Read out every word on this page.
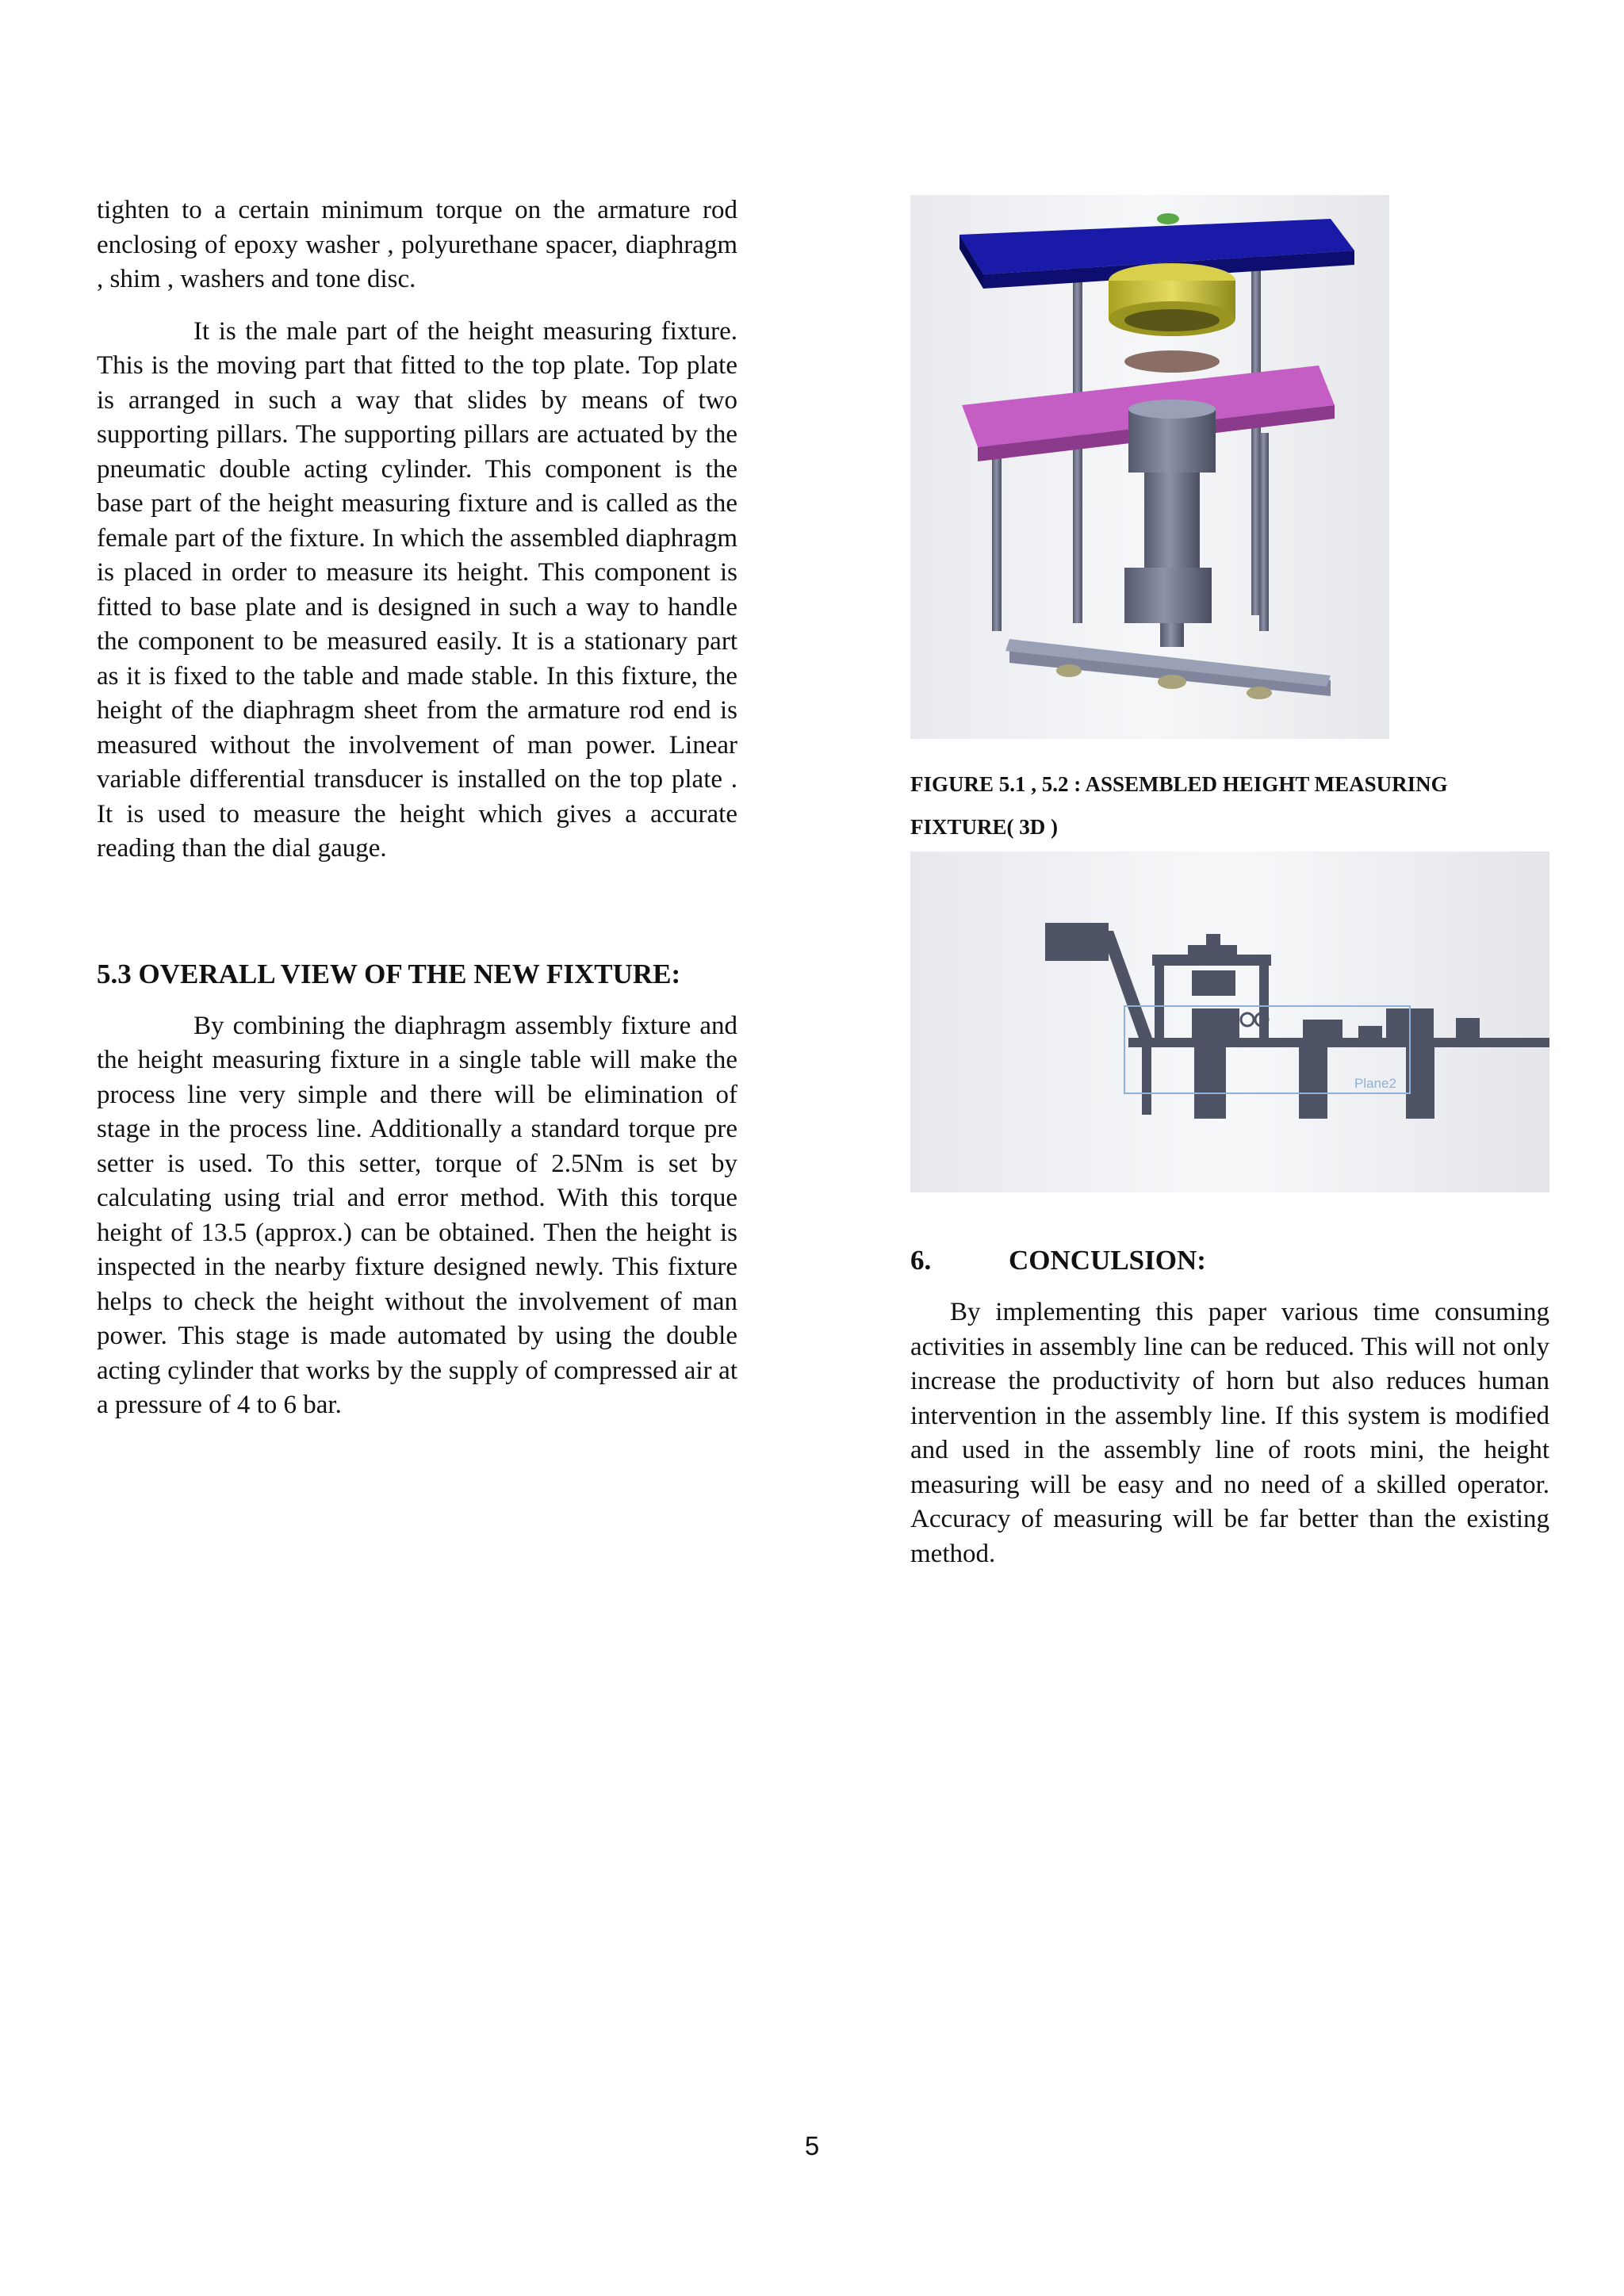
tighten to a certain minimum torque on the armature rod enclosing of epoxy washer , polyurethane spacer, diaphragm , shim , washers and tone disc.

It is the male part of the height measuring fixture. This is the moving part that fitted to the top plate. Top plate is arranged in such a way that slides by means of two supporting pillars. The supporting pillars are actuated by the pneumatic double acting cylinder. This component is the base part of the height measuring fixture and is called as the female part of the fixture. In which the assembled diaphragm is placed in order to measure its height. This component is fitted to base plate and is designed in such a way to handle the component to be measured easily. It is a stationary part as it is fixed to the table and made stable. In this fixture, the height of the diaphragm sheet from the armature rod end is measured without the involvement of man power. Linear variable differential transducer is installed on the top plate . It is used to measure the height which gives a accurate reading than the dial gauge.

5.3 OVERALL VIEW OF THE NEW FIXTURE:

By combining the diaphragm assembly fixture and the height measuring fixture in a single table will make the process line very simple and there will be elimination of stage in the process line. Additionally a standard torque pre setter is used. To this setter, torque of 2.5Nm is set by calculating using trial and error method. With this torque height of 13.5 (approx.) can be obtained. Then the height is inspected in the nearby fixture designed newly. This fixture helps to check the height without the involvement of man power. This stage is made automated by using the double acting cylinder that works by the supply of compressed air at a pressure of 4 to 6 bar.

FIGURE 5.1 , 5.2 : ASSEMBLED HEIGHT MEASURING

FIXTURE( 3D )

Plane2
6.	CONCULSION:

By implementing this paper various time consuming activities in assembly line can be reduced. This will not only increase the productivity of horn but also reduces human intervention in the assembly line. If this system is modified and used in the assembly line of roots mini, the height measuring will be easy and no need of a skilled operator. Accuracy of measuring will be far better than the existing method.

5
